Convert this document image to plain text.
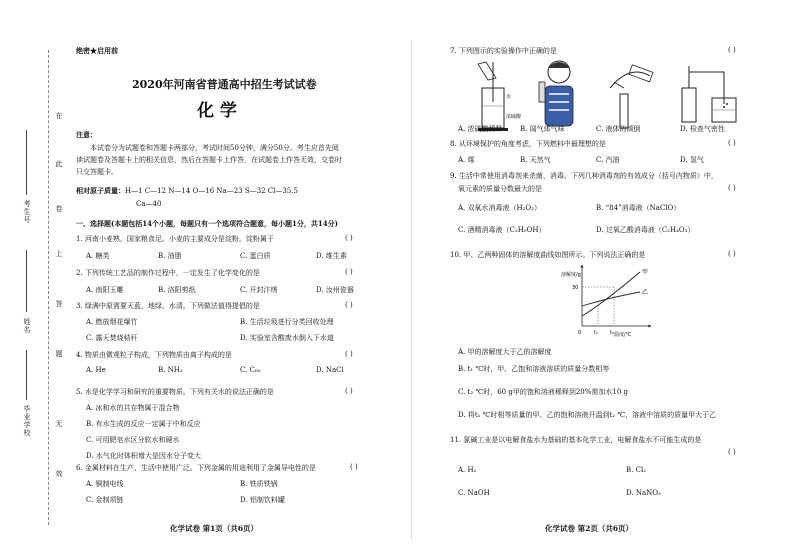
在
此
卷
上
答
题
无
效
考生号
姓名
毕业学校
绝密★启用前
2020年河南省普通高中招生考试试卷
化 学
注意：
本试卷分为试题卷和答题卡两部分，考试时间50分钟，满分50分。考生应首先阅
读试题卷及答题卡上的相关信息，然后在答题卡上作答，在试题卷上作答无效，交卷时
只交答题卡。
相对原子质量：H—1 C—12 N—14 O—16 Na—23 S—32 Cl—35.5
Ca—40
一、选择题(本题包括14个小题，每题只有一个选项符合题意，每小题1分，共14分)
1. 河南小麦熟，国家粮食足。小麦的主要成分是淀粉，淀粉属于	( )
A. 糖类	B. 油脂	C. 蛋白质	D. 维生素
2. 下列传统工艺品的制作过程中，一定发生了化学变化的是	( )
A. 南阳玉雕	B. 洛阳剪纸	C. 开封汴绣	D. 汝州瓷器
3. 绿满中原需要天蓝、地绿、水清。下列做法值得提倡的是	( )
A. 燃放烟花爆竹	B. 生活垃圾进行分类回收处理
C. 露天焚烧秸秆	D. 实验室含酸废水倒入下水道
4. 物质由微观粒子构成，下列物质由离子构成的是	( )
A. He	B. NH₃	C. C₆₀	D. NaCl
5. 水是化学学习和研究的重要物质。下列有关水的说法正确的是	( )
A. 冰和水的共存物属于混合物
B. 有水生成的反应一定属于中和反应
C. 可用肥皂水区分软水和硬水
D. 水气化时体积增大是因水分子变大
6. 金属材料在生产、生活中使用广泛。下列金属的用途利用了金属导电性的是	( )
A. 铜制电线	B. 铁质铁锅
C. 金制项链	D. 铝制饮料罐
化学试卷 第1页（共6页）
7. 下列图示的实验操作中正确的是	( )
浓硫酸
水
A. 浓硫酸稀释 B. 闻气体气味	C. 液体的倾倒	D. 检查气密性
8. 从环境保护的角度考虑，下列燃料中最理想的是	( )
A. 煤	B. 天然气	C. 汽油	D. 氢气
9. 生活中常使用消毒剂来杀菌、消毒。下列几种消毒剂的有效成分（括号内物质）中，
氧元素的质量分数最大的是	( )
A. 双氧水消毒液（H₂O₂）	B. “84”消毒液（NaClO）
C. 酒精消毒液（C₂H₅OH）	D. 过氧乙酸消毒液（C₂H₄O₃）
10. 甲、乙两种固体的溶解度曲线如图所示。下列说法正确的是	( )
溶解度/g
温度/℃
0
30
t₁ t₂
甲
乙
A. 甲的溶解度大于乙的溶解度
B. t₁ ℃时，甲、乙饱和溶液溶质的质量分数相等
C. t₂ ℃时，60 g甲的饱和溶液稀释到20%需加水10 g
D. 将t₁ ℃时相等质量的甲、乙的饱和溶液升温到t₂ ℃，溶液中溶质的质量甲大于乙
11. 氯碱工业是以电解食盐水为基础的基本化学工业，电解食盐水不可能生成的是
( )
A. H₂	B. Cl₂
C. NaOH	D. NaNO₃
化学试卷 第2页（共6页）
